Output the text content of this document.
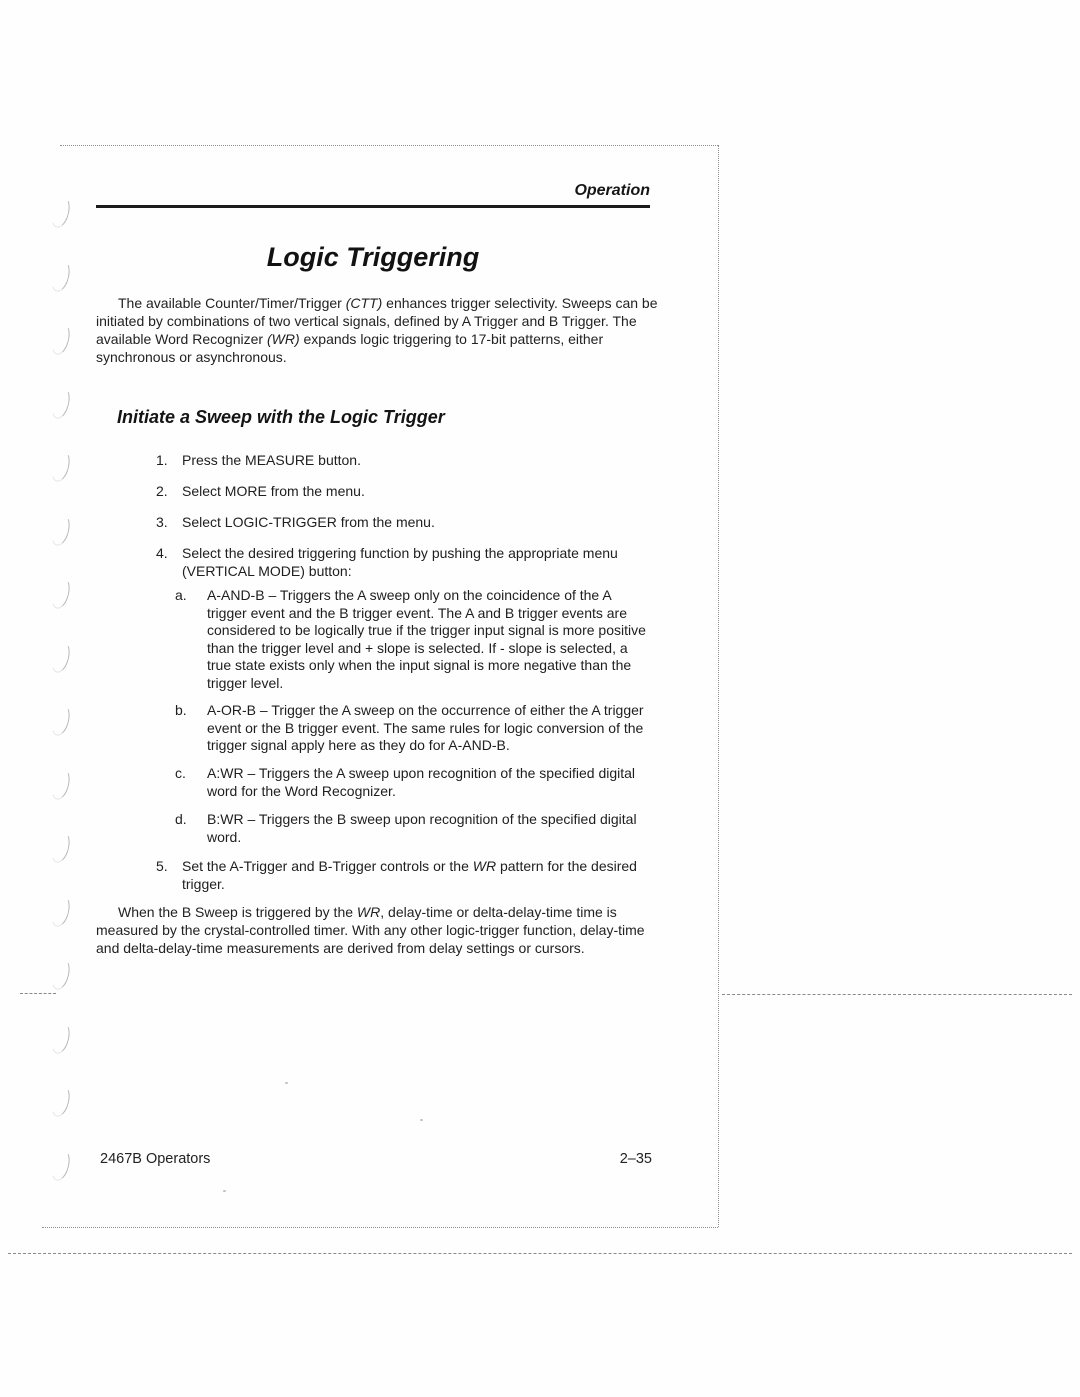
Operation
Logic Triggering

The available Counter/Timer/Trigger (CTT) enhances trigger selectivity. Sweeps can be initiated by combinations of two vertical signals, defined by A Trigger and B Trigger. The available Word Recognizer (WR) expands logic triggering to 17-bit patterns, either synchronous or asynchronous.

Initiate a Sweep with the Logic Trigger
1.	Press the MEASURE button.
2.	Select MORE from the menu.
3.	Select LOGIC-TRIGGER from the menu.
4.	Select the desired triggering function by pushing the appropriate menu (VERTICAL MODE) button:
a.	A-AND-B – Triggers the A sweep only on the coincidence of the A trigger event and the B trigger event. The A and B trigger events are considered to be logically true if the trigger input signal is more positive than the trigger level and + slope is selected. If - slope is selected, a true state exists only when the input signal is more negative than the trigger level.
b.	A-OR-B – Trigger the A sweep on the occurrence of either the A trigger event or the B trigger event. The same rules for logic conversion of the trigger signal apply here as they do for A-AND-B.
c.	A:WR – Triggers the A sweep upon recognition of the specified digital word for the Word Recognizer.
d.	B:WR – Triggers the B sweep upon recognition of the specified digital word.
5.	Set the A-Trigger and B-Trigger controls or the WR pattern for the desired trigger.

When the B Sweep is triggered by the WR, delay-time or delta-delay-time time is measured by the crystal-controlled timer. With any other logic-trigger function, delay-time and delta-delay-time measurements are derived from delay settings or cursors.

2467B Operators	2–35
